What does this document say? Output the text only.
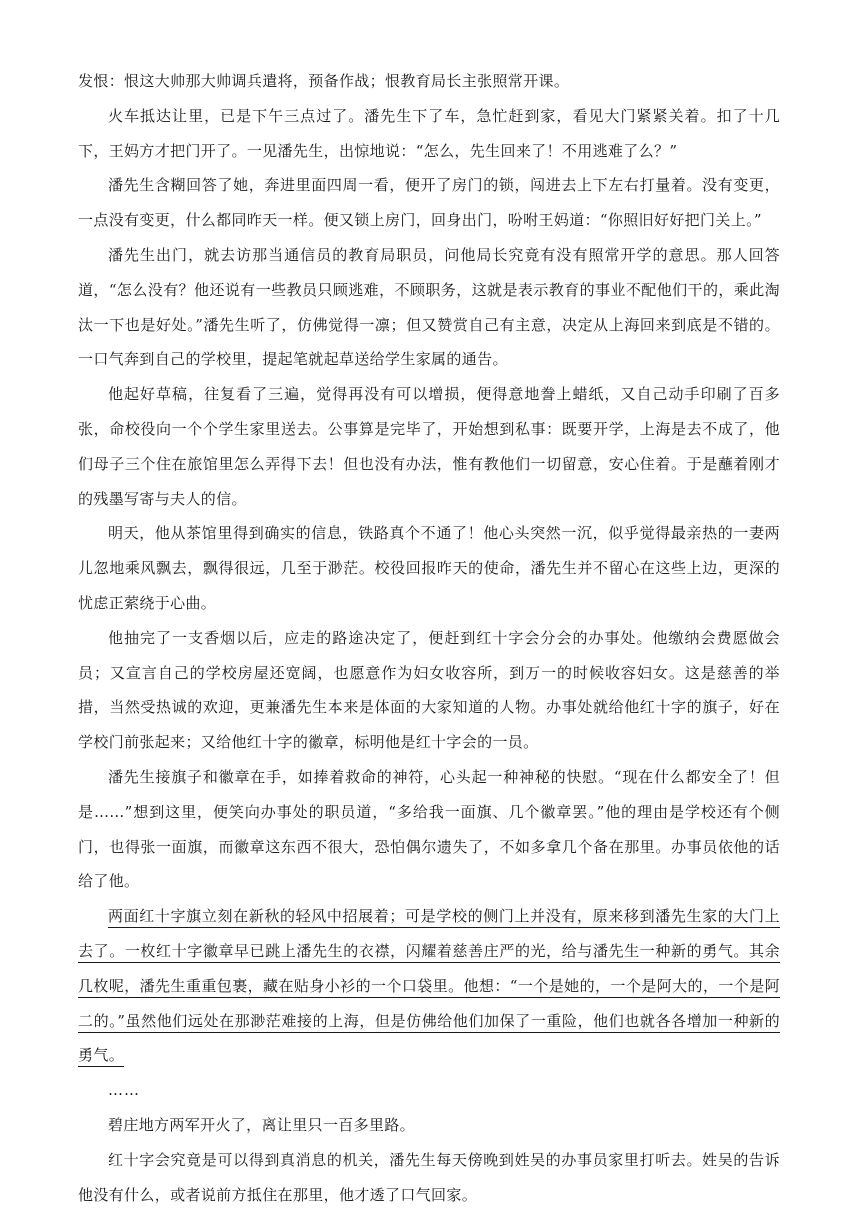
发恨：恨这大帅那大帅调兵遣将，预备作战；恨教育局长主张照常开课。

火车抵达让里，已是下午三点过了。潘先生下了车，急忙赶到家，看见大门紧紧关着。扣了十几下，王妈方才把门开了。一见潘先生，出惊地说：“怎么，先生回来了！不用逃难了么？”

潘先生含糊回答了她，奔进里面四周一看，便开了房门的锁，闯进去上下左右打量着。没有变更，一点没有变更，什么都同昨天一样。便又锁上房门，回身出门，吩咐王妈道：“你照旧好好把门关上。”

潘先生出门，就去访那当通信员的教育局职员，问他局长究竟有没有照常开学的意思。那人回答道，“怎么没有？他还说有一些教员只顾逃难，不顾职务，这就是表示教育的事业不配他们干的，乘此淘汰一下也是好处。”潘先生听了，仿佛觉得一凛；但又赞赏自己有主意，决定从上海回来到底是不错的。一口气奔到自己的学校里，提起笔就起草送给学生家属的通告。

他起好草稿，往复看了三遍，觉得再没有可以增损，便得意地誊上蜡纸，又自己动手印刷了百多张，命校役向一个个学生家里送去。公事算是完毕了，开始想到私事：既要开学，上海是去不成了，他们母子三个住在旅馆里怎么弄得下去！但也没有办法，惟有教他们一切留意，安心住着。于是蘸着刚才的残墨写寄与夫人的信。

明天，他从茶馆里得到确实的信息，铁路真个不通了！他心头突然一沉，似乎觉得最亲热的一妻两儿忽地乘风飘去，飘得很远，几至于渺茫。校役回报昨天的使命，潘先生并不留心在这些上边，更深的忧虑正萦绕于心曲。

他抽完了一支香烟以后，应走的路途决定了，便赶到红十字会分会的办事处。他缴纳会费愿做会员；又宣言自己的学校房屋还宽阔，也愿意作为妇女收容所，到万一的时候收容妇女。这是慈善的举措，当然受热诚的欢迎，更兼潘先生本来是体面的大家知道的人物。办事处就给他红十字的旗子，好在学校门前张起来；又给他红十字的徽章，标明他是红十字会的一员。

潘先生接旗子和徽章在手，如捧着救命的神符，心头起一种神秘的快慰。“现在什么都安全了！但是……”想到这里，便笑向办事处的职员道，“多给我一面旗、几个徽章罢。”他的理由是学校还有个侧门，也得张一面旗，而徽章这东西不很大，恐怕偶尔遗失了，不如多拿几个备在那里。办事员依他的话给了他。

两面红十字旗立刻在新秋的轻风中招展着；可是学校的侧门上并没有，原来移到潘先生家的大门上去了。一枚红十字徽章早已跳上潘先生的衣襟，闪耀着慈善庄严的光，给与潘先生一种新的勇气。其余几枚呢，潘先生重重包裹，藏在贴身小衫的一个口袋里。他想：“一个是她的，一个是阿大的，一个是阿二的。”虽然他们远处在那渺茫难接的上海，但是仿佛给他们加保了一重险，他们也就各各增加一种新的勇气。

……

碧庄地方两军开火了，离让里只一百多里路。

红十字会究竟是可以得到真消息的机关，潘先生每天傍晚到姓吴的办事员家里打听去。姓吴的告诉他没有什么，或者说前方抵住在那里，他才透了口气回家。
